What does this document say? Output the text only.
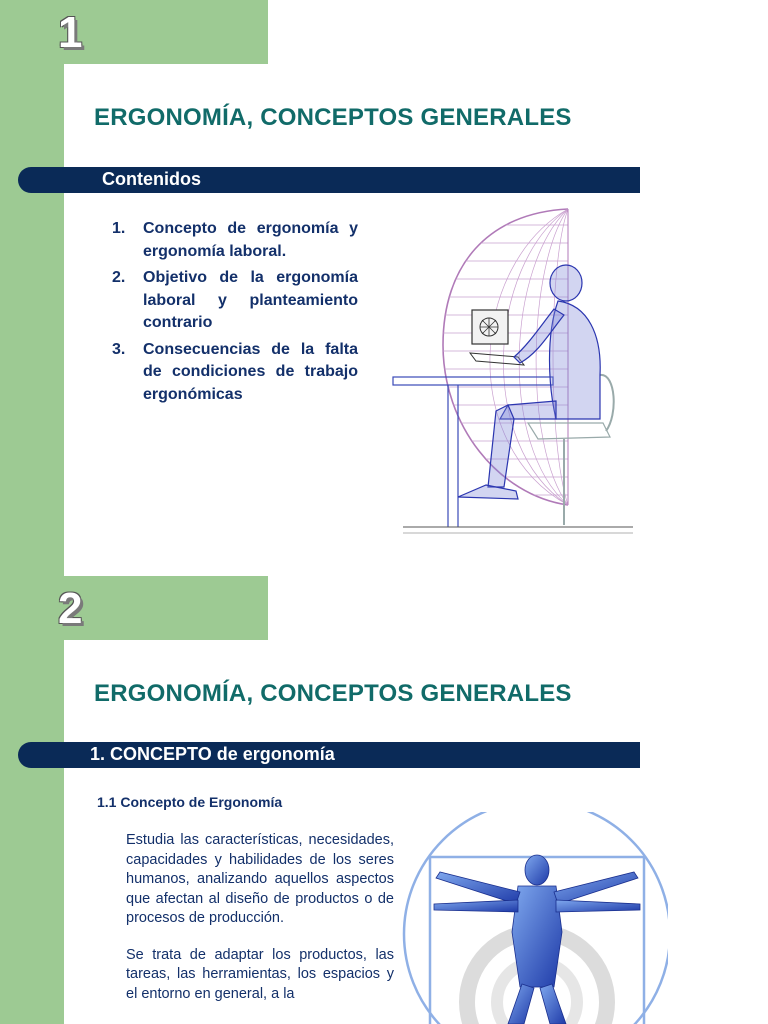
1
ERGONOMÍA, CONCEPTOS GENERALES
Contenidos
1. Concepto de ergonomía y ergonomía laboral.
2. Objetivo de la ergonomía laboral y planteamiento contrario
3. Consecuencias de la falta de condiciones de trabajo ergonómicas
2
ERGONOMÍA, CONCEPTOS GENERALES
1. CONCEPTO de ergonomía
1.1 Concepto de Ergonomía

Estudia las características, necesidades, capacidades y habilidades de los seres humanos, analizando aquellos aspectos que afectan al diseño de productos o de procesos de producción.

Se trata de adaptar los productos, las tareas, las herramientas, los espacios y el entorno en general, a la
